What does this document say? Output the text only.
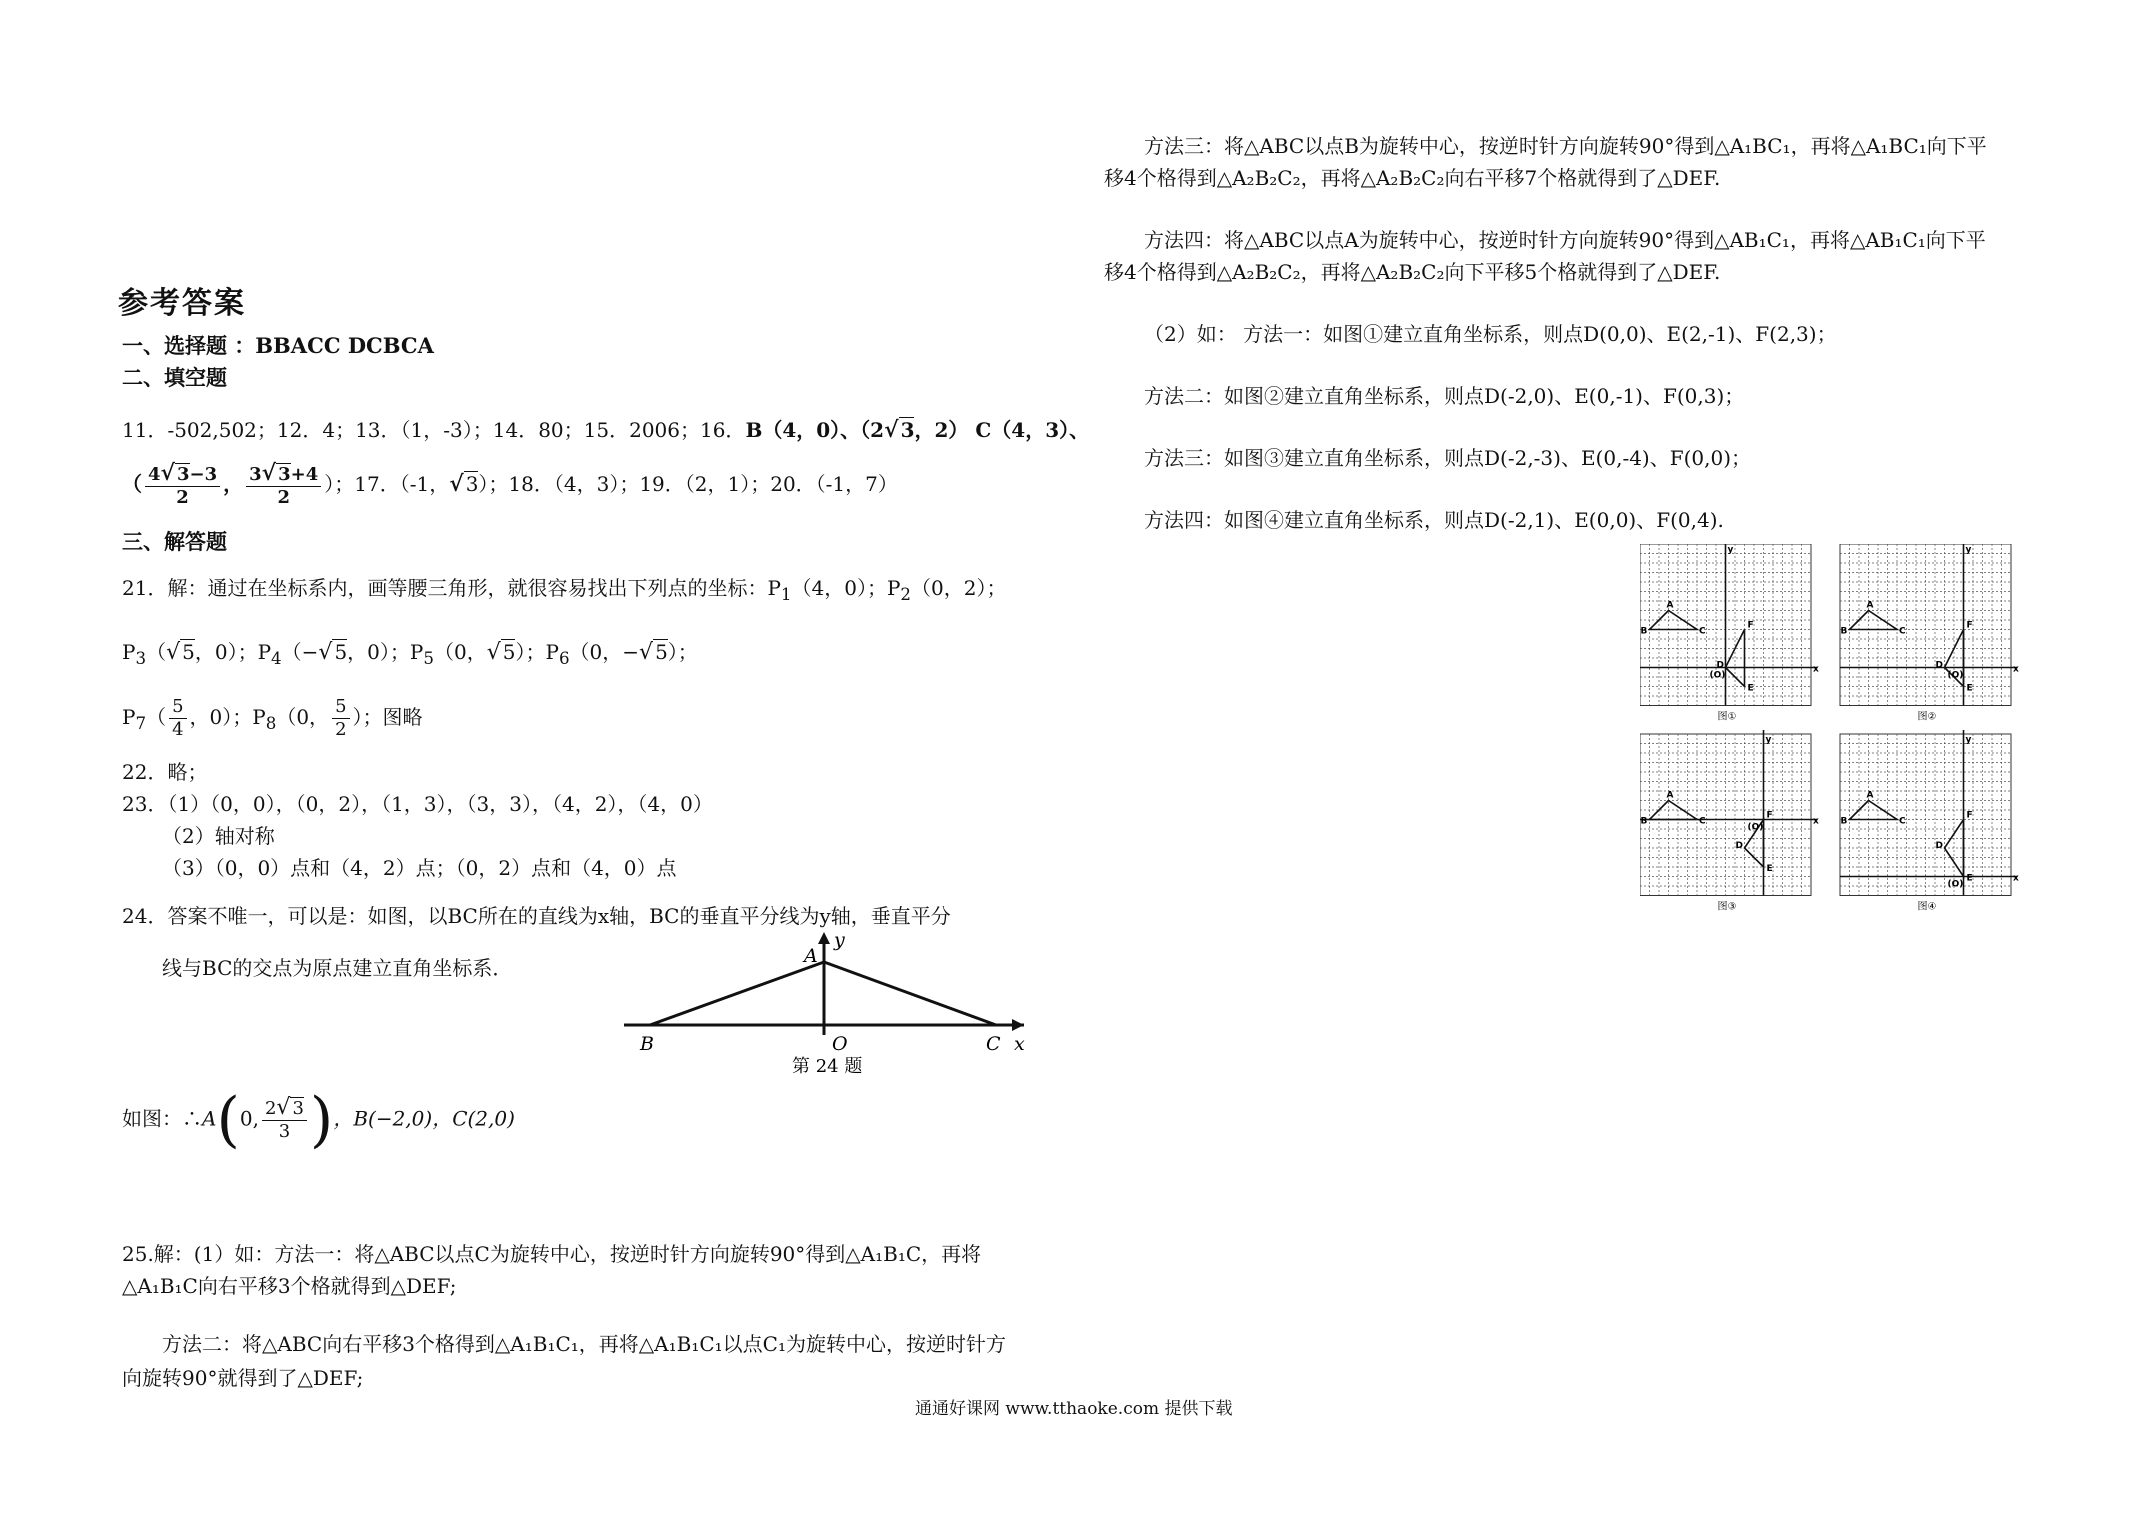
参考答案
一、选择题 ：BBACC DCBCA
二、填空题
11．-502,502；12．4；13．（1，-3）；14．80；15．2006；16．B（4，0）、（2√ 3，2） C（4，3）、
（ $\frac{4√ 3-3}{2}$ ， $\frac{3√ 3+4}{2}$ ）；17．（-1，√ 3）；18．（4，3）；19．（2，1）；20．（-1，7）
三、解答题
21．解：通过在坐标系内，画等腰三角形，就很容易找出下列点的坐标：$P_1(4$，0）；$P_2(0$，2）；
$P_3(√$ 5，0）；$P_4(-√$ 5，0）；$P_5(0$，√ 5）；$P_6(0$，−√ 5）；
$P_7( \frac{5}{4}$ ，0）；$P_8(0$， $\frac{5}{2}$ ）；图略
22．略；
23．（1）（0，0），（0，2），（1，3），（3，3），（4，2），（4，0）
（2）轴对称
（3）（0，0）点和（4，2）点；（0，2）点和（4，0）点
24．答案不唯一，可以是：如图，以BC所在的直线为x轴，BC的垂直平分线为y轴，垂直平分
线与BC的交点为原点建立直角坐标系．	A
y
B	O	C x
第 24 题
如图：∴A(0, $\frac{2√ 3}{3}$ )，B(−2,0)，C(2,0)
25.解：(1）如：方法一：将△ABC以点C为旋转中心，按逆时针方向旋转90°得到△A₁B₁C，再将
△A₁B₁C向右平移3个格就得到△DEF;
方法二：将△ABC向右平移3个格得到△A₁B₁C₁，再将△A₁B₁C₁以点C₁为旋转中心，按逆时针方
向旋转90°就得到了△DEF;
方法三：将△ABC以点B为旋转中心，按逆时针方向旋转90°得到△A₁BC₁，再将△A₁BC₁向下平
移4个格得到△A₂B₂C₂，再将△A₂B₂C₂向右平移7个格就得到了△DEF.
方法四：将△ABC以点A为旋转中心，按逆时针方向旋转90°得到△AB₁C₁，再将△AB₁C₁向下平
移4个格得到△A₂B₂C₂，再将△A₂B₂C₂向下平移5个格就得到了△DEF.
（2）如： 方法一：如图①建立直角坐标系，则点D(0,0)、E(2,-1)、F(2,3)；
方法二：如图②建立直角坐标系，则点D(-2,0)、E(0,-1)、F(0,3)；
方法三：如图③建立直角坐标系，则点D(-2,-3)、E(0,-4)、F(0,0)；
方法四：如图④建立直角坐标系，则点D(-2,1)、E(0,0)、F(0,4).
A
B	C
D
E
F
(O)
x
y
图①
A
B	C
D
E
F
(O)
x
y
图②
A
B	C
D
E
F
(O)
x
y
图③
A
B	C
D
E
F
(O)
x
y
图④
通通好课网 www.tthaoke.com 提供下载
